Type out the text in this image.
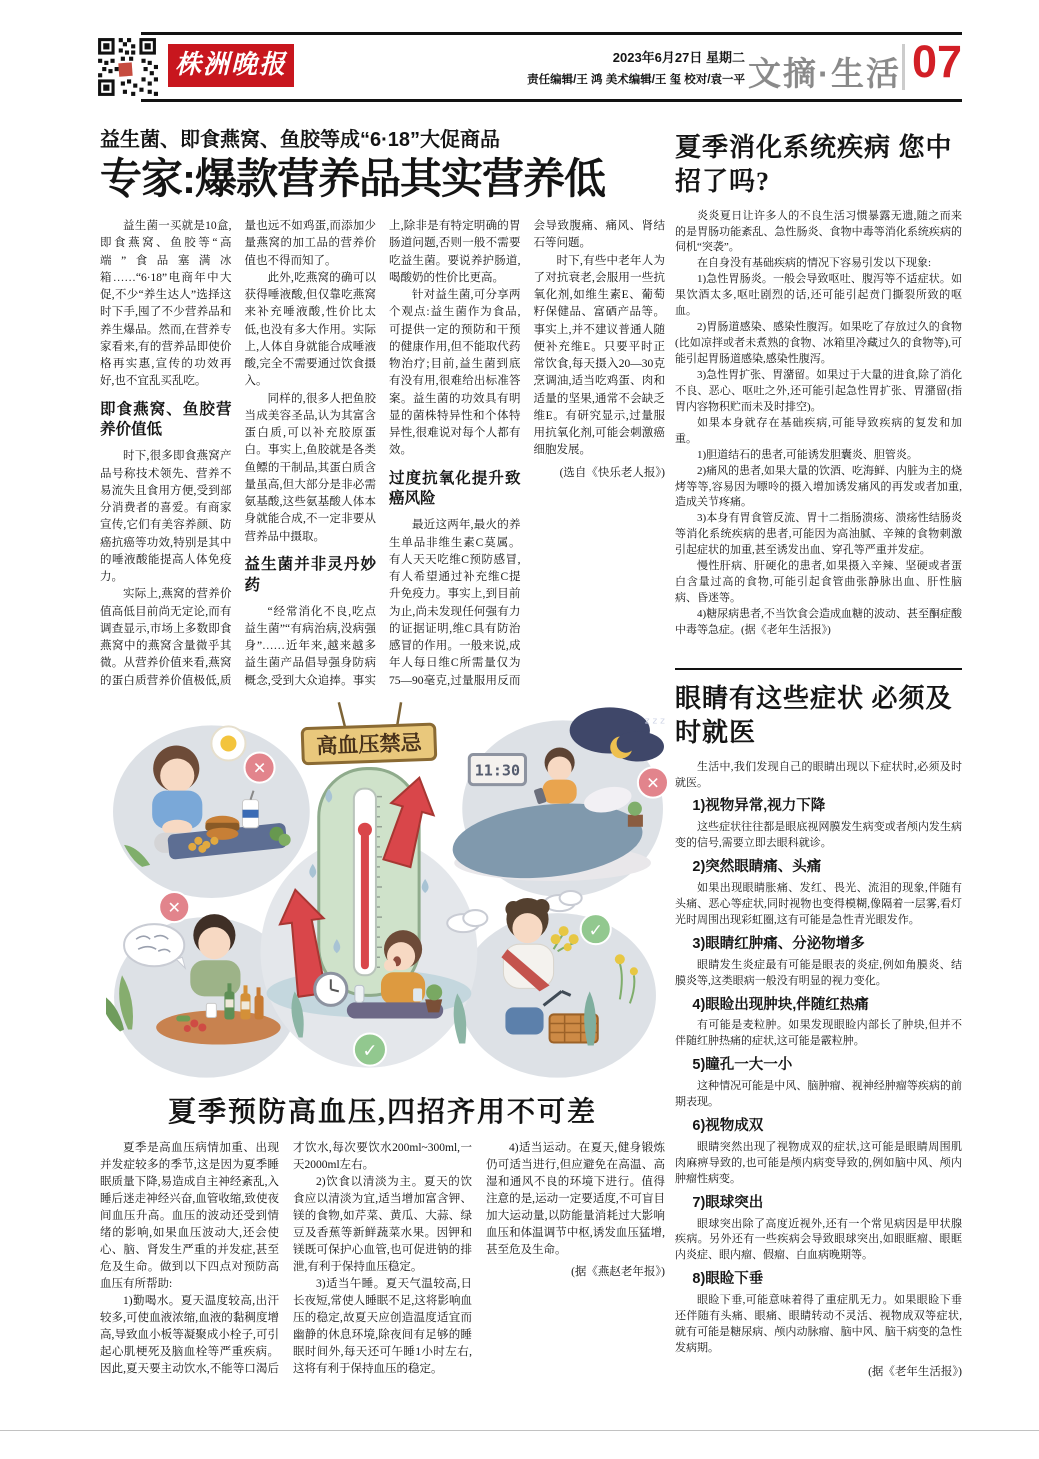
株洲晚报	2023年6月27日 星期二
责任编辑/王 鸿 美术编辑/王 玺 校对/袁一平 文摘·生活 07
益生菌、即食燕窝、鱼胶等成“6·18”大促商品
专家:爆款营养品其实营养低

益生菌一买就是10盒,即食燕窝、鱼胶等“高端”食品塞满冰箱……“6·18”电商年中大促,不少“养生达人”选择这时下手,囤了不少营养品和养生爆品。然而,在营养专家看来,有的营养品即使价格再实惠,宣传的功效再好,也不宜乱买乱吃。

即食燕窝、鱼胶营养价值低

时下,很多即食燕窝产品号称技术领先、营养不易流失且食用方便,受到部分消费者的喜爱。有商家宣传,它们有美容养颜、防癌抗癌等功效,特别是其中的唾液酸能提高人体免疫力。

实际上,燕窝的营养价值高低目前尚无定论,而有调查显示,市场上多数即食燕窝中的燕窝含量微乎其微。从营养价值来看,燕窝的蛋白质营养价值极低,质量也远不如鸡蛋,而添加少量燕窝的加工品的营养价值也不得而知了。

此外,吃燕窝的确可以获得唾液酸,但仅靠吃燕窝来补充唾液酸,性价比太低,也没有多大作用。实际上,人体自身就能合成唾液酸,完全不需要通过饮食摄入。

同样的,很多人把鱼胶当成美容圣品,认为其富含蛋白质,可以补充胶原蛋白。事实上,鱼胶就是各类鱼鳔的干制品,其蛋白质含量虽高,但大部分是非必需氨基酸,这些氨基酸人体本身就能合成,不一定非要从营养品中摄取。

益生菌并非灵丹妙药

“经常消化不良,吃点益生菌”“有病治病,没病强身”……近年来,越来越多益生菌产品倡导强身防病概念,受到大众追捧。事实上,除非是有特定明确的胃肠道问题,否则一般不需要吃益生菌。要说养护肠道,喝酸奶的性价比更高。

针对益生菌,可分享两个观点:益生菌作为食品,可提供一定的预防和干预的健康作用,但不能取代药物治疗;目前,益生菌到底有没有用,很难给出标准答案。益生菌的功效具有明显的菌株特异性和个体特异性,很难说对每个人都有效。

过度抗氧化提升致癌风险

最近这两年,最火的养生单品非维生素C莫属。有人天天吃维C预防感冒,有人希望通过补充维C提升免疫力。事实上,到目前为止,尚未发现任何强有力的证据证明,维C具有防治感冒的作用。一般来说,成年人每日维C所需量仅为75—90毫克,过量服用反而会导致腹痛、痛风、肾结石等问题。

时下,有些中老年人为了对抗衰老,会服用一些抗氧化剂,如维生素E、葡萄籽保健品、富硒产品等。事实上,并不建议普通人随便补充维E。只要平时正常饮食,每天摄入20—30克烹调油,适当吃鸡蛋、肉和适量的坚果,通常不会缺乏维E。有研究显示,过量服用抗氧化剂,可能会刺激癌细胞发展。

(选自《快乐老人报》)

夏季消化系统疾病 您中招了吗?

炎炎夏日让许多人的不良生活习惯暴露无遗,随之而来的是胃肠功能紊乱、急性肠炎、食物中毒等消化系统疾病的伺机“突袭”。

在自身没有基础疾病的情况下容易引发以下现象:

1)急性胃肠炎。一般会导致呕吐、腹泻等不适症状。如果饮酒太多,呕吐剧烈的话,还可能引起贲门撕裂所致的呕血。

2)胃肠道感染、感染性腹泻。如果吃了存放过久的食物(比如凉拌或者未煮熟的食物、冰箱里冷藏过久的食物等),可能引起胃肠道感染,感染性腹泻。

3)急性胃扩张、胃潴留。如果过于大量的进食,除了消化不良、恶心、呕吐之外,还可能引起急性胃扩张、胃潴留(指胃内容物积贮而未及时排空)。

如果本身就存在基础疾病,可能导致疾病的复发和加重。

1)胆道结石的患者,可能诱发胆囊炎、胆管炎。

2)痛风的患者,如果大量的饮酒、吃海鲜、内脏为主的烧烤等等,容易因为嘌呤的摄入增加诱发痛风的再发或者加重,造成关节疼痛。

3)本身有胃食管反流、胃十二指肠溃疡、溃疡性结肠炎等消化系统疾病的患者,可能因为高油腻、辛辣的食物刺激引起症状的加重,甚至诱发出血、穿孔等严重并发症。

慢性肝病、肝硬化的患者,如果摄入辛辣、坚硬或者蛋白含量过高的食物,可能引起食管曲张静脉出血、肝性脑病、昏迷等。

4)糖尿病患者,不当饮食会造成血糖的波动、甚至酮症酸中毒等急症。(据《老年生活报》)

眼睛有这些症状 必须及时就医

生活中,我们发现自己的眼睛出现以下症状时,必须及时就医。

1)视物异常,视力下降

这些症状往往都是眼底视网膜发生病变或者颅内发生病变的信号,需要立即去眼科就诊。

2)突然眼睛痛、头痛

如果出现眼睛胀痛、发红、畏光、流泪的现象,伴随有头痛、恶心等症状,同时视物也变得模糊,像隔着一层雾,看灯光时周围出现彩虹圈,这有可能是急性青光眼发作。

3)眼睛红肿痛、分泌物增多

眼睛发生炎症最有可能是眼表的炎症,例如角膜炎、结膜炎等,这类眼病一般没有明显的视力变化。

4)眼睑出现肿块,伴随红热痛

有可能是麦粒肿。如果发现眼睑内部长了肿块,但并不伴随红肿热痛的症状,这可能是霰粒肿。

5)瞳孔一大一小

这种情况可能是中风、脑肿瘤、视神经肿瘤等疾病的前期表现。

6)视物成双

眼睛突然出现了视物成双的症状,这可能是眼睛周围肌肉麻痹导致的,也可能是颅内病变导致的,例如脑中风、颅内肿瘤性病变。

7)眼球突出

眼球突出除了高度近视外,还有一个常见病因是甲状腺疾病。另外还有一些疾病会导致眼球突出,如眼眶瘤、眼眶内炎症、眼内瘤、假瘤、白血病晚期等。

8)眼睑下垂

眼睑下垂,可能意味着得了重症肌无力。如果眼睑下垂还伴随有头痛、眼痛、眼睛转动不灵活、视物成双等症状,就有可能是糖尿病、颅内动脉瘤、脑中风、脑干病变的急性发病期。

(据《老年生活报》)
高血压禁忌
✕
z z z
11:30
✕
✕
✓
✓
夏季预防高血压,四招齐用不可差

夏季是高血压病情加重、出现并发症较多的季节,这是因为夏季睡眠质量下降,易造成自主神经紊乱,入睡后迷走神经兴奋,血管收缩,致使夜间血压升高。血压的波动还受到情绪的影响,如果血压波动大,还会使心、脑、肾发生严重的并发症,甚至危及生命。做到以下四点对预防高血压有所帮助:

1)勤喝水。夏天温度较高,出汗较多,可使血液浓缩,血液的黏稠度增高,导致血小板等凝聚成小栓子,可引起心肌梗死及脑血栓等严重疾病。因此,夏天要主动饮水,不能等口渴后才饮水,每次要饮水200ml~300ml,一天2000ml左右。

2)饮食以清淡为主。夏天的饮食应以清淡为宜,适当增加富含钾、镁的食物,如芹菜、黄瓜、大蒜、绿豆及香蕉等新鲜蔬菜水果。因钾和镁既可保护心血管,也可促进钠的排泄,有利于保持血压稳定。

3)适当午睡。夏天气温较高,日长夜短,常使人睡眠不足,这将影响血压的稳定,故夏天应创造温度适宜而幽静的休息环境,除夜间有足够的睡眠时间外,每天还可午睡1小时左右,这将有利于保持血压的稳定。

4)适当运动。在夏天,健身锻炼仍可适当进行,但应避免在高温、高湿和通风不良的环境下进行。值得注意的是,运动一定要适度,不可盲目加大运动量,以防能量消耗过大影响血压和体温调节中枢,诱发血压猛增,甚至危及生命。

(据《燕赵老年报》)
